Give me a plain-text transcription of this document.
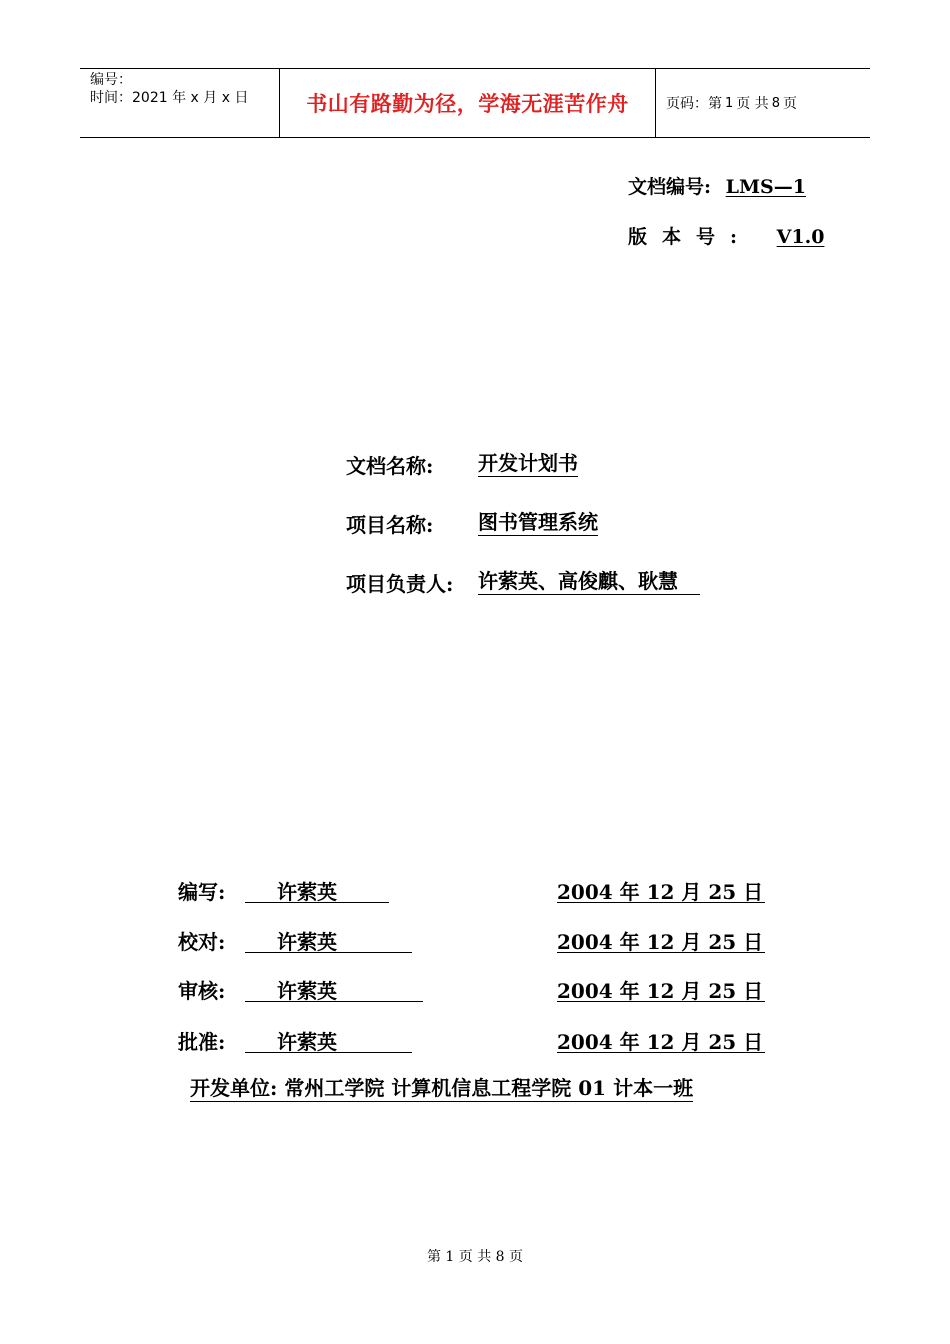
编号：
时间：2021 年 x 月 x 日	书山有路勤为径，学海无涯苦作舟	页码：第 1 页 共 8 页
文档编号: LMS—1
版本号: V1.0
文档名称: 开发计划书
项目名称: 图书管理系统
项目负责人: 许萦英、高俊麒、耿慧
编写:	许萦英	2004 年 12 月 25 日
校对:	许萦英	2004 年 12 月 25 日
审核:	许萦英	2004 年 12 月 25 日
批准:	许萦英	2004 年 12 月 25 日
开发单位: 常州工学院 计算机信息工程学院 01 计本一班
第 1 页 共 8 页
